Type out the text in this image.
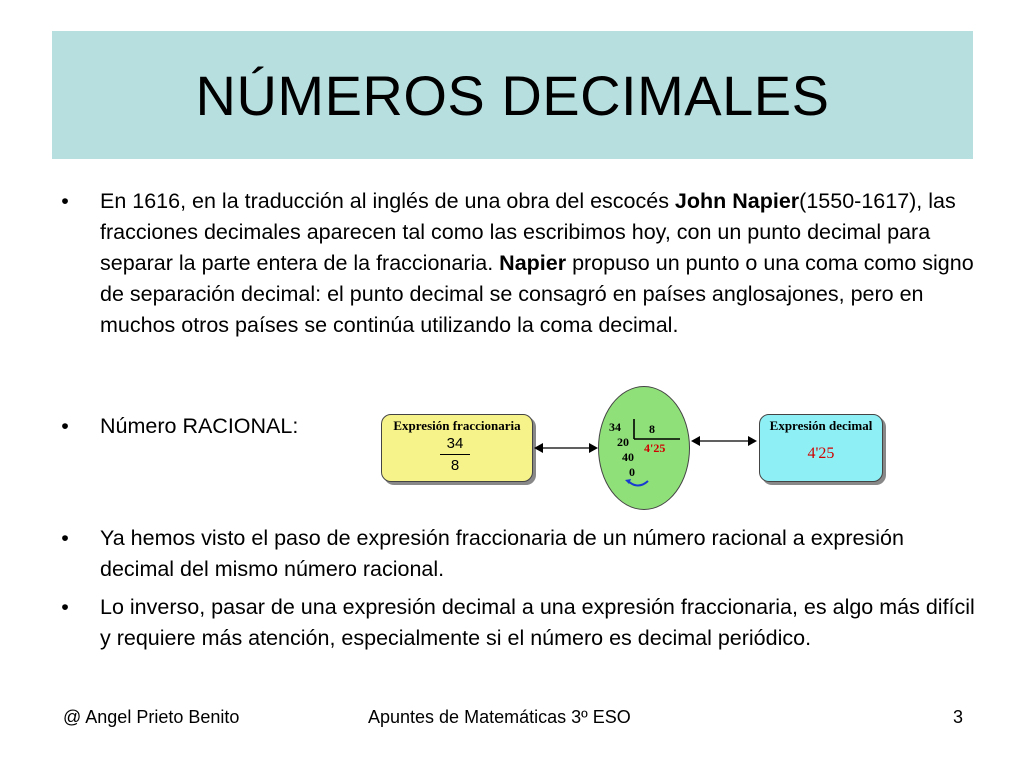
NÚMEROS DECIMALES
• En 1616, en la traducción al inglés de una obra del escocés John Napier(1550-1617), las fracciones decimales aparecen tal como las escribimos hoy, con un punto decimal para separar la parte entera de la fraccionaria. Napier propuso un punto o una coma como signo de separación decimal: el punto decimal se consagró en países anglosajones, pero en muchos otros países se continúa utilizando la coma decimal.
• Número RACIONAL:	Expresión fraccionaria
$\frac{34}{8}$
34 8
4'25
20
40
0
Expresión decimal
4'25
• Ya hemos visto el paso de expresión fraccionaria de un número racional a expresión decimal del mismo número racional.
• Lo inverso, pasar de una expresión decimal a una expresión fraccionaria, es algo más difícil y requiere más atención, especialmente si el número es decimal periódico.
@ Angel Prieto Benito	Apuntes de Matemáticas 3º ESO	3
